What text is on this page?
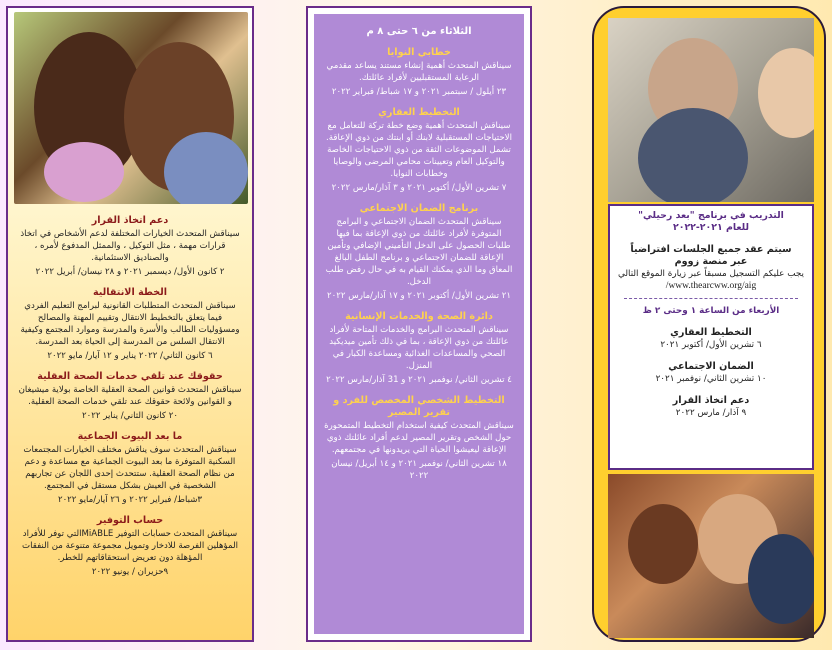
دعم اتخاذ القرار

سيناقش المتحدث الخيارات المختلفة لدعم الأشخاص في اتخاذ قرارات مهمة ، مثل التوكيل ، والممثل المدفوع لأمره ، والصناديق الاستئمانية.

٢ كانون الأول/ ديسمبر ٢٠٢١ و ٢٨ نيسان/ أبريل ٢٠٢٢

الخطة الانتقالية

سيناقش المتحدث المتطلبات القانونية لبرامج التعليم الفردي فيما يتعلق بالتخطيط الانتقال وتقييم المهنة والمصالح ومسؤوليات الطالب والأسرة والمدرسة وموارد المجتمع وكيفية الانتقال السلس من المدرسة إلى الحياة بعد المدرسة.

٦ كانون الثاني/ ٢٠٢٢ يناير و ١٢ آيار/ مايو ٢٠٢٢

حقوقك عند تلقي خدمات الصحة العقلية

سيناقش المتحدث قوانين الصحة العقلية الخاصة بولاية ميشيغان و القوانين ولائحة حقوقك عند تلقي خدمات الصحة العقلية.

٢٠ كانون الثاني/ يناير ٢٠٢٢

ما بعد البيوت الجماعية

سيناقش المتحدث سوف يناقش مختلف الخيارات المجتمعات السكنية المتوفرة ما بعد البيوت الجماعية مع مساعدة و دعم من نظام الصحة العقلية. ستتحدث إحدى اللجان عن تجاربهم الشخصية في العيش بشكل مستقل في المجتمع.

٣شباط/ فبراير ٢٠٢٢ و ٢٦ آيار/مايو ٢٠٢٢

حساب التوفير

سيناقش المتحدث حسابات التوفير MiABLEالتي توفر للأفراد المؤهلين الفرصة للادخار وتمويل مجموعة متنوعة من النفقات المؤهلة دون تعريض استحقاقاتهم للخطر.

٩حزيران / يونيو ٢٠٢٢

الثلاثاء من ٦ حتى ٨ م
خطابي النوايا

سيناقش المتحدث أهمية إنشاء مستند يساعد مقدمي الرعاية المستقبليين لأفراد عائلتك.

٢٣ أيلول / سبتمبر ٢٠٢١ و ١٧ شباط/ فبراير ٢٠٢٢

التخطيط العقاري

سيناقش المتحدث أهمية وضع خطة تركة للتعامل مع الاحتياجات المستقبلية لابنك أو ابنتك من ذوي الإعاقة. تشمل الموضوعات الثقة من ذوي الاحتياجات الخاصة والتوكيل العام وتعيينات محامي المرضى والوصايا وخطابات النوايا.

٧ تشرين الأول/ أكتوبر ٢٠٢١ و ٣ آذار/مارس ٢٠٢٢

برنامج الضمان الاجتماعي

سيناقش المتحدث الضمان الاجتماعي و البرامج المتوفرة لأفراد عائلتك من ذوي الإعاقة بما فيها طلبات الحصول على الدخل التأميني الإضافي وتأمين الإعاقة للضمان الاجتماعي و برنامج الطفل البالغ المعاق وما الذي يمكنك القيام به في حال رفض طلب الدخل.

٢١ تشرين الأول/ أكتوبر ٢٠٢١ و ١٧ آذار/مارس ٢٠٢٢

دائرة الصحة والخدمات الإنسانية

سيناقش المتحدث البرامج والخدمات المتاحة لأفراد عائلتك من ذوي الإعاقة ، بما في ذلك تأمين ميديكيد الصحي والمساعدات الغذائية ومساعدة الكبار في المنزل.

٤ تشرين الثاني/ نوفمبر ٢٠٢١ و 31 آذار/مارس ٢٠٢٢

التخطيط الشخصي المخصص للفرد و تقرير المصير

سيناقش المتحدث كيفية استخدام التخطيط المتمحورة حول الشخص وتقرير المصير لدعم أفراد عائلتك ذوي الإعاقة ليعيشوا الحياة التي يريدونها في مجتمعهم.

١٨ تشرين الثاني/ نوفمبر ٢٠٢١ و ١٤ أبريل/ نيسان ٢٠٢٢

التدريب في برنامج "بعد رحيلي"
للعام ٢٠٢١-٢٠٢٢
سيتم عقد جميع الجلسات افتراضياً
عبر منصة زووم

يجب عليكم التسجيل مسبقاً عبر زيارة الموقع التالي

www.thearcww.org/aig/

الأربعاء من الساعة ١ وحتى ٢ ظ

التخطيط العقاري

٦ تشرين الأول/ أكتوبر ٢٠٢١

الضمان الاجتماعي

١٠ تشرين الثاني/ نوفمبر ٢٠٢١

دعم اتخاذ القرار

٩ آذار/ مارس ٢٠٢٢
